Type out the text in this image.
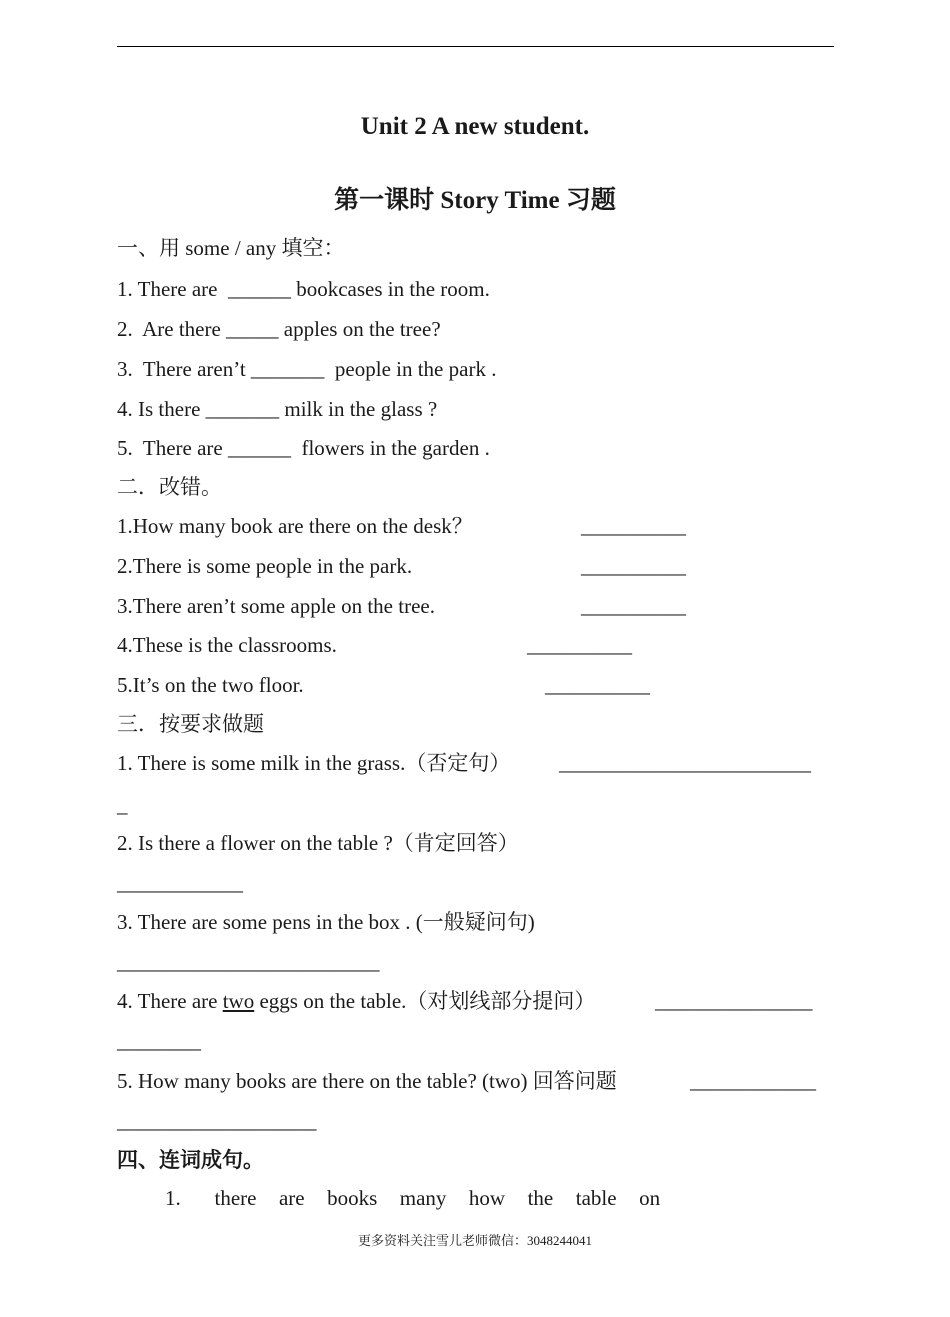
Unit 2 A new student.
第一课时 Story Time 习题
一、用 some / any 填空：
1. There are  ______ bookcases in the room.
2.  Are there _____ apples on the tree?
3.  There aren’t _______  people in the park .
4. Is there _______ milk in the glass ?
5.  There are ______  flowers in the garden .
二．改错。
1.How many book are there on the desk？	__________
2.There is some people in the park.	__________
3.There aren’t some apple on the tree.	__________
4.These is the classrooms.	__________
5.It’s on the two floor.	__________
三．按要求做题
1. There is some milk in the grass.（否定句） ________________________
_
2. Is there a flower on the table ?（肯定回答）
____________
3. There are some pens in the box . (一般疑问句)
_________________________
4. There are two eggs on the table.（对划线部分提问）	_______________
________
5. How many books are there on the table? (two) 回答问题	____________
___________________
四、连词成句。
1. there  are  books  many  how  the  table  on
更多资料关注雪儿老师微信：3048244041
